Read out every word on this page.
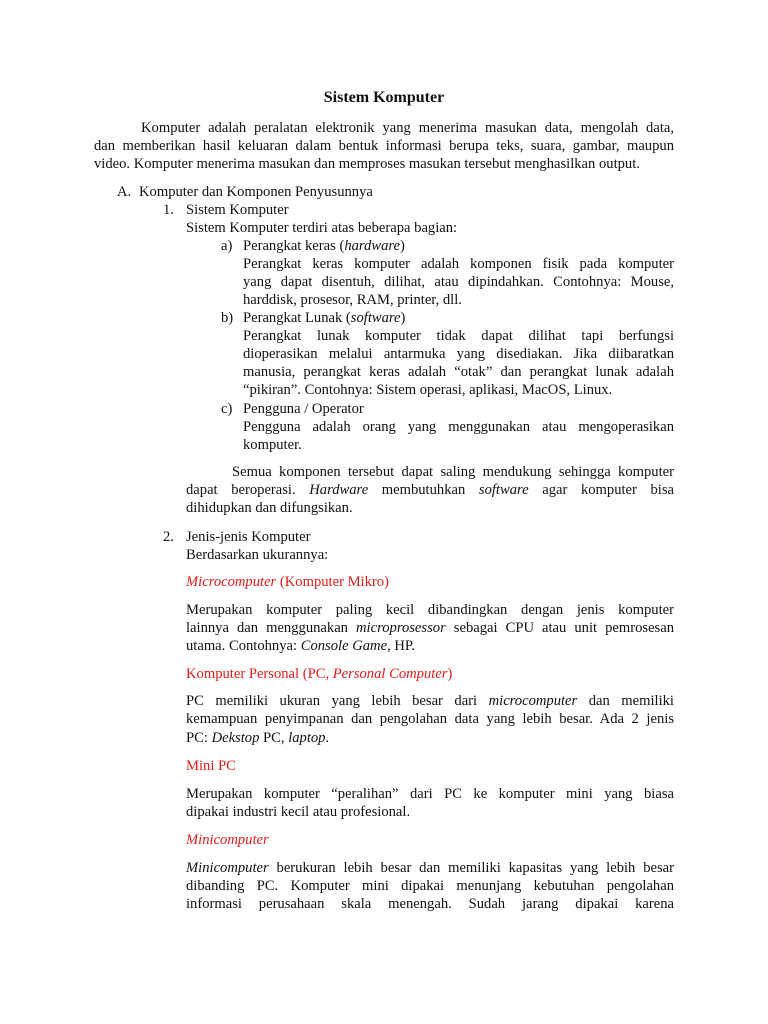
Sistem Komputer
Komputer adalah peralatan elektronik yang menerima masukan data, mengolah data,
dan memberikan hasil keluaran dalam bentuk informasi berupa teks, suara, gambar, maupun
video. Komputer menerima masukan dan memproses masukan tersebut menghasilkan output.
A. Komputer dan Komponen Penyusunnya
1. Sistem Komputer
Sistem Komputer terdiri atas beberapa bagian:
a) Perangkat keras (hardware)
Perangkat keras komputer adalah komponen fisik pada komputer
yang dapat disentuh, dilihat, atau dipindahkan. Contohnya: Mouse,
harddisk, prosesor, RAM, printer, dll.
b) Perangkat Lunak (software)
Perangkat lunak komputer tidak dapat dilihat tapi berfungsi
dioperasikan melalui antarmuka yang disediakan. Jika diibaratkan
manusia, perangkat keras adalah “otak” dan perangkat lunak adalah
“pikiran”. Contohnya: Sistem operasi, aplikasi, MacOS, Linux.
c) Pengguna / Operator
Pengguna adalah orang yang menggunakan atau mengoperasikan
komputer.
Semua komponen tersebut dapat saling mendukung sehingga komputer
dapat beroperasi. Hardware membutuhkan software agar komputer bisa
dihidupkan dan difungsikan.
2. Jenis-jenis Komputer
Berdasarkan ukurannya:
Microcomputer (Komputer Mikro)
Merupakan komputer paling kecil dibandingkan dengan jenis komputer
lainnya dan menggunakan microprosessor sebagai CPU atau unit pemrosesan
utama. Contohnya: Console Game, HP.
Komputer Personal (PC, Personal Computer)
PC memiliki ukuran yang lebih besar dari microcomputer dan memiliki
kemampuan penyimpanan dan pengolahan data yang lebih besar. Ada 2 jenis
PC: Dekstop PC, laptop.
Mini PC
Merupakan komputer “peralihan” dari PC ke komputer mini yang biasa
dipakai industri kecil atau profesional.
Minicomputer
Minicomputer berukuran lebih besar dan memiliki kapasitas yang lebih besar
dibanding PC. Komputer mini dipakai menunjang kebutuhan pengolahan
informasi perusahaan skala menengah. Sudah jarang dipakai karena
